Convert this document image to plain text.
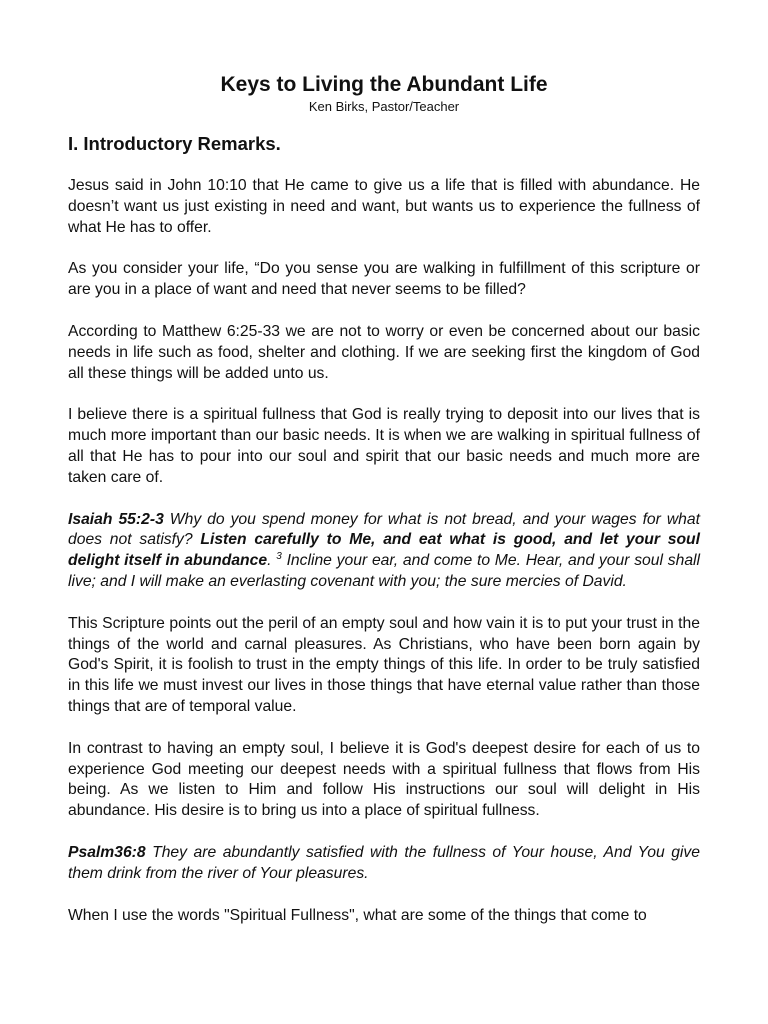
Keys to Living the Abundant Life

Ken Birks, Pastor/Teacher

I. Introductory Remarks.

Jesus said in John 10:10 that He came to give us a life that is filled with abundance. He doesn’t want us just existing in need and want, but wants us to experience the fullness of what He has to offer.

As you consider your life, “Do you sense you are walking in fulfillment of this scripture or are you in a place of want and need that never seems to be filled?

According to Matthew 6:25-33 we are not to worry or even be concerned about our basic needs in life such as food, shelter and clothing. If we are seeking first the kingdom of God all these things will be added unto us.

I believe there is a spiritual fullness that God is really trying to deposit into our lives that is much more important than our basic needs. It is when we are walking in spiritual fullness of all that He has to pour into our soul and spirit that our basic needs and much more are taken care of.

Isaiah 55:2-3 Why do you spend money for what is not bread, and your wages for what does not satisfy? Listen carefully to Me, and eat what is good, and let your soul delight itself in abundance. $^3$ Incline your ear, and come to Me. Hear, and your soul shall live; and I will make an everlasting covenant with you; the sure mercies of David.

This Scripture points out the peril of an empty soul and how vain it is to put your trust in the things of the world and carnal pleasures. As Christians, who have been born again by God's Spirit, it is foolish to trust in the empty things of this life. In order to be truly satisfied in this life we must invest our lives in those things that have eternal value rather than those things that are of temporal value.

In contrast to having an empty soul, I believe it is God's deepest desire for each of us to experience God meeting our deepest needs with a spiritual fullness that flows from His being. As we listen to Him and follow His instructions our soul will delight in His abundance. His desire is to bring us into a place of spiritual fullness.

Psalm36:8 They are abundantly satisfied with the fullness of Your house, And You give them drink from the river of Your pleasures.

When I use the words "Spiritual Fullness", what are some of the things that come to
